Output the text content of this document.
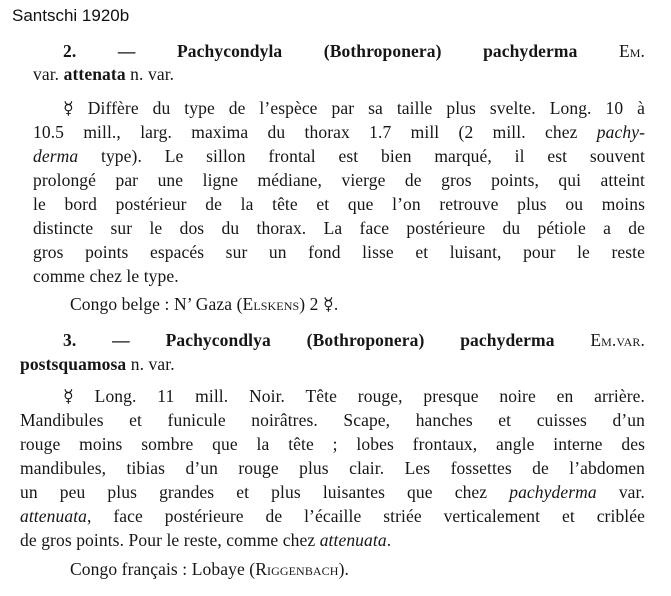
Santschi 1920b
2. — Pachycondyla (Bothroponera) pachyderma Em.
var. attenata n. var.
☿ Diffère du type de l’espèce par sa taille plus svelte. Long. 10 à
10.5 mill., larg. maxima du thorax 1.7 mill (2 mill. chez pachy-
derma type). Le sillon frontal est bien marqué, il est souvent
prolongé par une ligne médiane, vierge de gros points, qui atteint
le bord postérieur de la tête et que l’on retrouve plus ou moins
distincte sur le dos du thorax. La face postérieure du pétiole a de
gros points espacés sur un fond lisse et luisant, pour le reste
comme chez le type.
Congo belge : N’ Gaza (Elskens) 2 ☿.
3. — Pachycondlya (Bothroponera) pachyderma Em.var.
postsquamosa n. var.
☿ Long. 11 mill. Noir. Tête rouge, presque noire en arrière.
Mandibules et funicule noirâtres. Scape, hanches et cuisses d’un
rouge moins sombre que la tête ; lobes frontaux, angle interne des
mandibules, tibias d’un rouge plus clair. Les fossettes de l’abdomen
un peu plus grandes et plus luisantes que chez pachyderma var.
attenuata, face postérieure de l’écaille striée verticalement et criblée
de gros points. Pour le reste, comme chez attenuata.
Congo français : Lobaye (Riggenbach).
